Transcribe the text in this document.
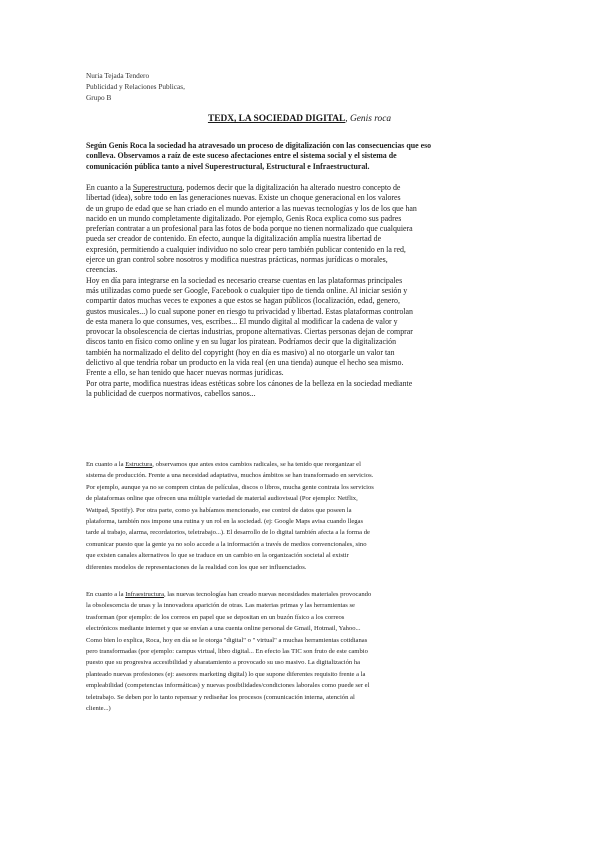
Nuria Tejada Tendero
Publicidad y Relaciones Publicas,
Grupo B
TEDX, LA SOCIEDAD DIGITAL, Genis roca
Según Genis Roca la sociedad ha atravesado un proceso de digitalización con las consecuencias que eso
conlleva. Observamos a raíz de este suceso afectaciones entre el sistema social y el sistema de
comunicación pública tanto a nivel Superestructural, Estructural e Infraestructural.
En cuanto a la Superestructura, podemos decir que la digitalización ha alterado nuestro concepto de
libertad (idea), sobre todo en las generaciones nuevas. Existe un choque generacional en los valores
de un grupo de edad que se han criado en el mundo anterior a las nuevas tecnologías y los de los que han
nacido en un mundo completamente digitalizado. Por ejemplo, Genis Roca explica como sus padres
preferían contratar a un profesional para las fotos de boda porque no tienen normalizado que cualquiera
pueda ser creador de contenido. En efecto, aunque la digitalización amplía nuestra libertad de
expresión, permitiendo a cualquier individuo no solo crear pero también publicar contenido en la red,
ejerce un gran control sobre nosotros y modifica nuestras prácticas, normas jurídicas o morales,
creencias.
Hoy en día para integrarse en la sociedad es necesario crearse cuentas en las plataformas principales
más utilizadas como puede ser Google, Facebook o cualquier tipo de tienda online. Al iniciar sesión y
compartir datos muchas veces te expones a que estos se hagan públicos (localización, edad, genero,
gustos musicales...) lo cual supone poner en riesgo tu privacidad y libertad. Estas plataformas controlan
de esta manera lo que consumes, ves, escribes... El mundo digital al modificar la cadena de valor y
provocar la obsolescencia de ciertas industrias, propone alternativas. Ciertas personas dejan de comprar
discos tanto en físico como online y en su lugar los piratean. Podríamos decir que la digitalización
también ha normalizado el delito del copyright (hoy en día es masivo) al no otorgarle un valor tan
delictivo al que tendría robar un producto en la vida real (en una tienda) aunque el hecho sea mismo.
Frente a ello, se han tenido que hacer nuevas normas jurídicas.
Por otra parte, modifica nuestras ideas estéticas sobre los cánones de la belleza en la sociedad mediante
la publicidad de cuerpos normativos, cabellos sanos...
En cuanto a la Estructura, observamos que antes estos cambios radicales, se ha tenido que reorganizar el
sistema de producción. Frente a una necesidad adaptativa, muchos ámbitos se han transformado en servicios.
Por ejemplo, aunque ya no se compren cintas de películas, discos o libros, mucha gente contrata los servicios
de plataformas online que ofrecen una múltiple variedad de material audiovisual (Por ejemplo: Netflix,
Wattpad, Spotify). Por otra parte, como ya habíamos mencionado, ese control de datos que poseen la
plataforma, también nos impone una rutina y un rol en la sociedad. (ej: Google Maps avisa cuando llegas
tarde al trabajo, alarma, recordatorios, teletrabajo...). El desarrollo de lo digital también afecta a la forma de
comunicar puesto que la gente ya no solo accede a la información a través de medios convencionales, sino
que existen canales alternativos lo que se traduce en un cambio en la organización societal al existir
diferentes modelos de representaciones de la realidad con los que ser influenciados.
En cuanto a la Infraestructura, las nuevas tecnologías han creado nuevas necesidades materiales provocando
la obsolescencia de unas y la innovadora aparición de otras. Las materias primas y las herramientas se
trasforman (por ejemplo: de los correos en papel que se depositan en un buzón físico a los correos
electrónicos mediante internet y que se envían a una cuenta online personal de Gmail, Hotmail, Yahoo...
Como bien lo explica, Roca, hoy en día se le otorga "digital" o " virtual" a muchas herramientas cotidianas
pero transformadas (por ejemplo: campus virtual, libro digital... En efecto las TIC son fruto de este cambio
puesto que su progresiva accesibilidad y abaratamiento a provocado su uso masivo. La digitalización ha
planteado nuevas profesiones (ej: asesores marketing digital) lo que supone diferentes requisito frente a la
empleabilidad (competencias informáticas) y nuevas posibilidades/condiciones laborales como puede ser el
teletrabajo. Se deben por lo tanto repensar y rediseñar los procesos (comunicación interna, atención al
cliente...)
